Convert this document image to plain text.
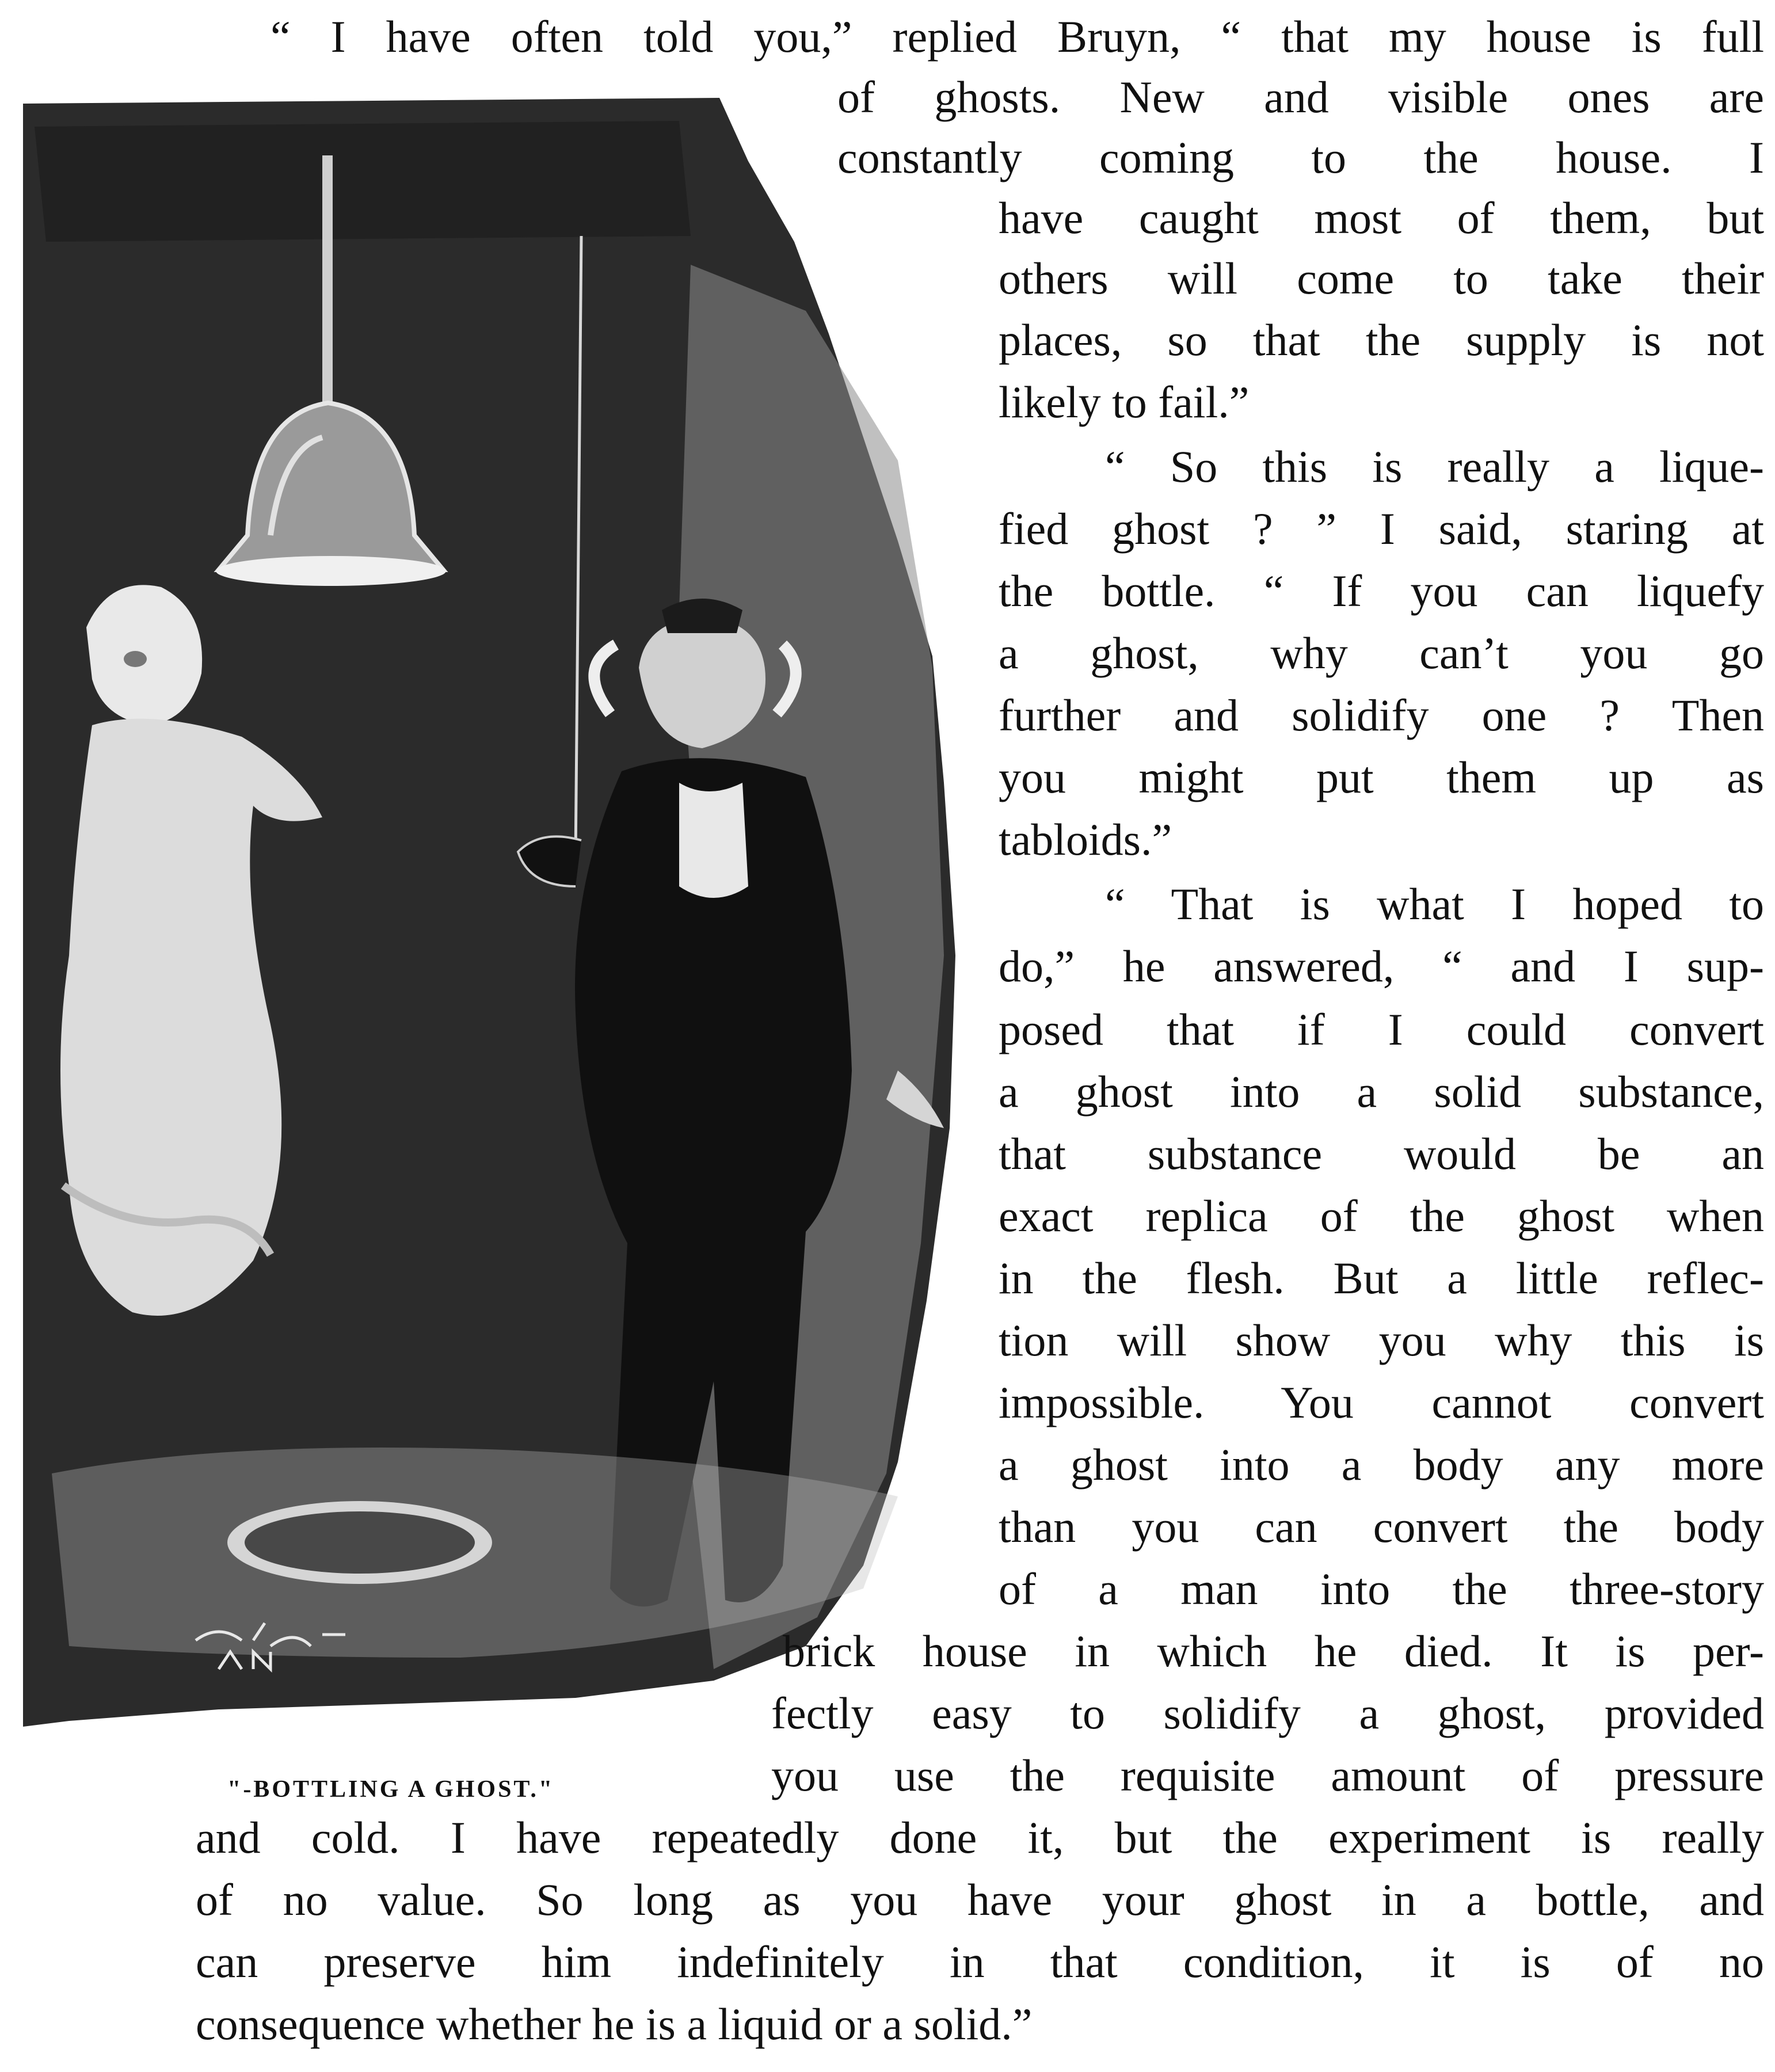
"-BOTTLING A GHOST."
“ I have often told you,” replied Bruyn, “ that my house is full
of ghosts. New and visible ones are
constantly coming to the house. I
have caught most of them, but
others will come to take their
places, so that the supply is not
likely to fail.”
“ So this is really a lique-
fied ghost ? ” I said, staring at
the bottle. “ If you can liquefy
a ghost, why can’t you go
further and solidify one ? Then
you might put them up as
tabloids.”
“ That is what I hoped to
do,” he answered, “ and I sup-
posed that if I could convert
a ghost into a solid substance,
that substance would be an
exact replica of the ghost when
in the flesh. But a little reflec-
tion will show you why this is
impossible. You cannot convert
a ghost into a body any more
than you can convert the body
of a man into the three-story
brick house in which he died. It is per-
fectly easy to solidify a ghost, provided
you use the requisite amount of pressure
and cold. I have repeatedly done it, but the experiment is really
of no value. So long as you have your ghost in a bottle, and
can preserve him indefinitely in that condition, it is of no
consequence whether he is a liquid or a solid.”
